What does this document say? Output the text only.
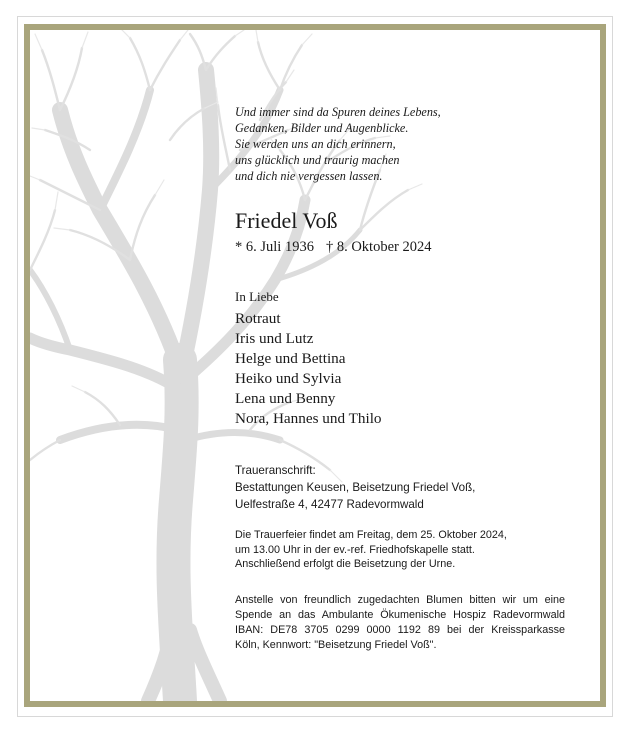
Und immer sind da Spuren deines Lebens,
Gedanken, Bilder und Augenblicke.
Sie werden uns an dich erinnern,
uns glücklich und traurig machen
und dich nie vergessen lassen.
Friedel Voß
* 6. Juli 1936 † 8. Oktober 2024
In Liebe
Rotraut
Iris und Lutz
Helge und Bettina
Heiko und Sylvia
Lena und Benny
Nora, Hannes und Thilo
Traueranschrift:
Bestattungen Keusen, Beisetzung Friedel Voß,
Uelfestraße 4, 42477 Radevormwald
Die Trauerfeier findet am Freitag, dem 25. Oktober 2024,
um 13.00 Uhr in der ev.-ref. Friedhofskapelle statt.
Anschließend erfolgt die Beisetzung der Urne.
Anstelle von freundlich zugedachten Blumen bitten wir um eine
Spende an das Ambulante Ökumenische Hospiz Radevormwald
IBAN: DE78 3705 0299 0000 1192 89 bei der Kreissparkasse
Köln, Kennwort: "Beisetzung Friedel Voß".
